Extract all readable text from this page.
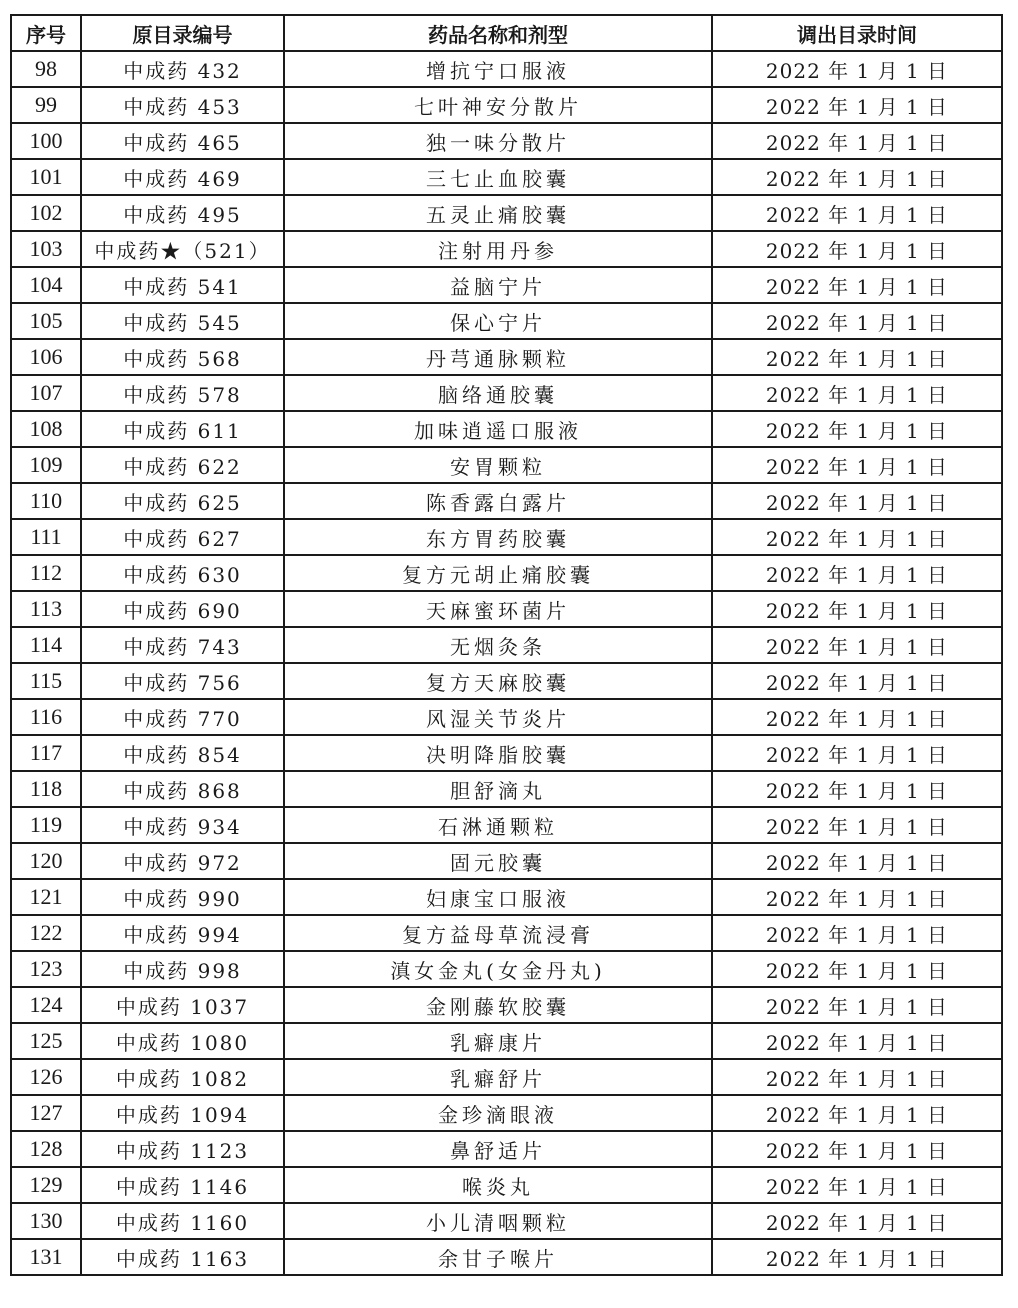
序号	原目录编号	药品名称和剂型	调出目录时间
98	中成药 432	增抗宁口服液	2022 年 1 月 1 日
99	中成药 453	七叶神安分散片	2022 年 1 月 1 日
100	中成药 465	独一味分散片	2022 年 1 月 1 日
101	中成药 469	三七止血胶囊	2022 年 1 月 1 日
102	中成药 495	五灵止痛胶囊	2022 年 1 月 1 日
103	中成药★（521）	注射用丹参	2022 年 1 月 1 日
104	中成药 541	益脑宁片	2022 年 1 月 1 日
105	中成药 545	保心宁片	2022 年 1 月 1 日
106	中成药 568	丹芎通脉颗粒	2022 年 1 月 1 日
107	中成药 578	脑络通胶囊	2022 年 1 月 1 日
108	中成药 611	加味逍遥口服液	2022 年 1 月 1 日
109	中成药 622	安胃颗粒	2022 年 1 月 1 日
110	中成药 625	陈香露白露片	2022 年 1 月 1 日
111	中成药 627	东方胃药胶囊	2022 年 1 月 1 日
112	中成药 630	复方元胡止痛胶囊	2022 年 1 月 1 日
113	中成药 690	天麻蜜环菌片	2022 年 1 月 1 日
114	中成药 743	无烟灸条	2022 年 1 月 1 日
115	中成药 756	复方天麻胶囊	2022 年 1 月 1 日
116	中成药 770	风湿关节炎片	2022 年 1 月 1 日
117	中成药 854	决明降脂胶囊	2022 年 1 月 1 日
118	中成药 868	胆舒滴丸	2022 年 1 月 1 日
119	中成药 934	石淋通颗粒	2022 年 1 月 1 日
120	中成药 972	固元胶囊	2022 年 1 月 1 日
121	中成药 990	妇康宝口服液	2022 年 1 月 1 日
122	中成药 994	复方益母草流浸膏	2022 年 1 月 1 日
123	中成药 998	滇女金丸(女金丹丸)	2022 年 1 月 1 日
124	中成药 1037	金刚藤软胶囊	2022 年 1 月 1 日
125	中成药 1080	乳癖康片	2022 年 1 月 1 日
126	中成药 1082	乳癖舒片	2022 年 1 月 1 日
127	中成药 1094	金珍滴眼液	2022 年 1 月 1 日
128	中成药 1123	鼻舒适片	2022 年 1 月 1 日
129	中成药 1146	喉炎丸	2022 年 1 月 1 日
130	中成药 1160	小儿清咽颗粒	2022 年 1 月 1 日
131	中成药 1163	余甘子喉片	2022 年 1 月 1 日
